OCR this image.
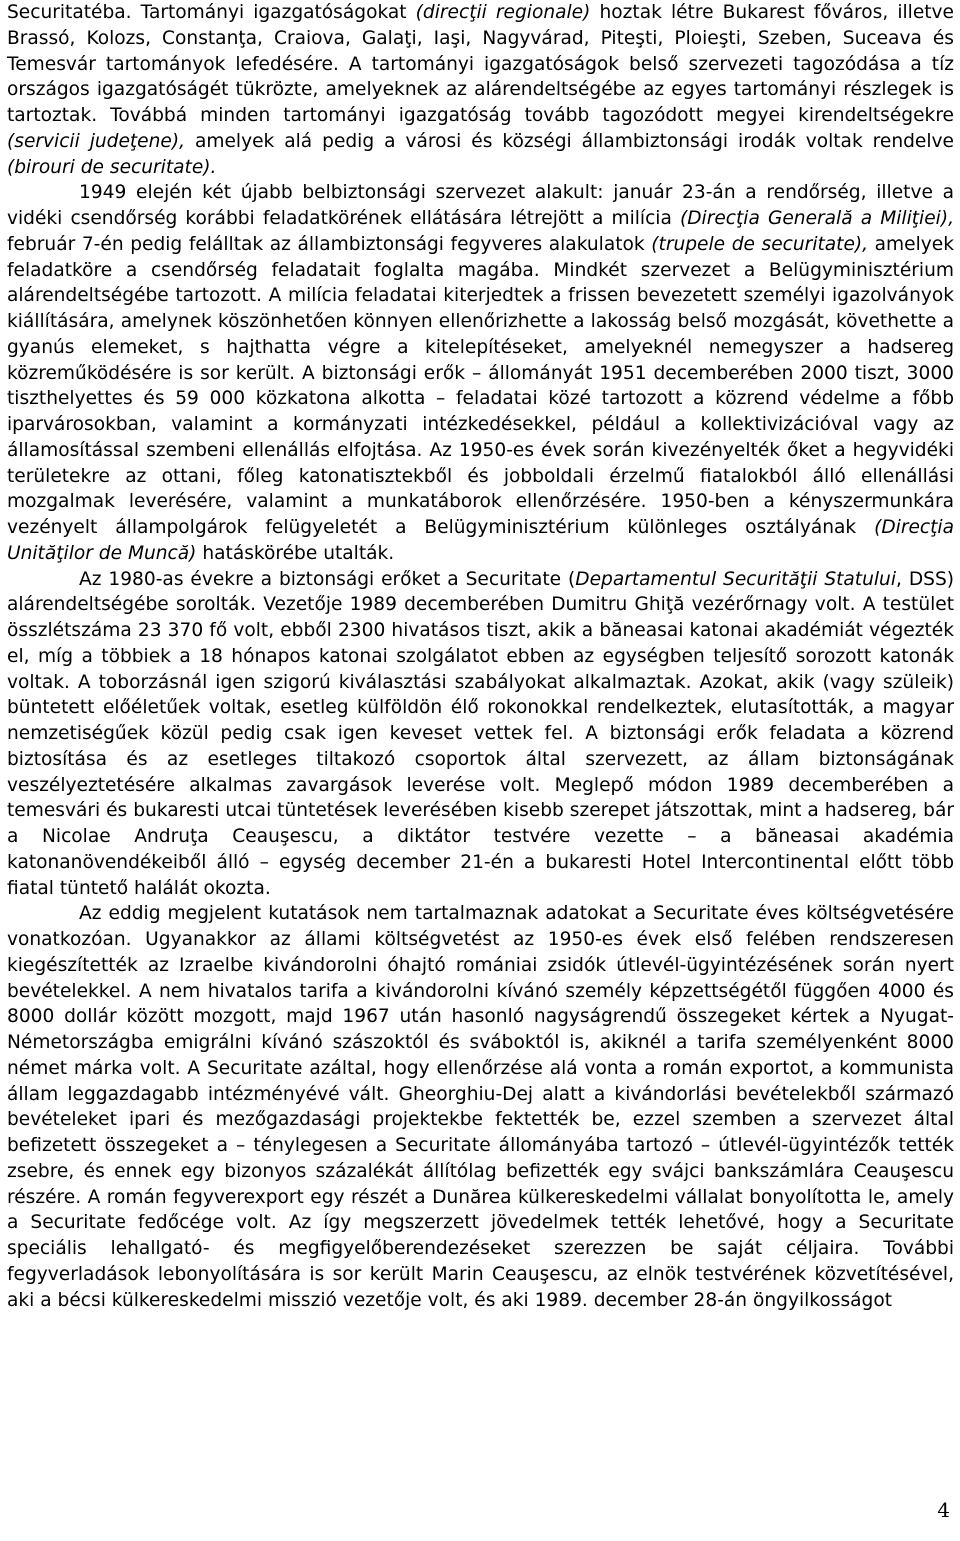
Securitatéba. Tartományi igazgatóságokat (direcţii regionale) hoztak létre Bukarest főváros, illetve Brassó, Kolozs, Constanţa, Craiova, Galaţi, Iaşi, Nagyvárad, Piteşti, Ploieşti, Szeben, Suceava és Temesvár tartományok lefedésére. A tartományi igazgatóságok belső szervezeti tagozódása a tíz országos igazgatóságét tükrözte, amelyeknek az alárendeltségébe az egyes tartományi részlegek is tartoztak. Továbbá minden tartományi igazgatóság tovább tagozódott megyei kirendeltségekre (servicii judeţene), amelyek alá pedig a városi és községi állambiztonsági irodák voltak rendelve (birouri de securitate).

1949 elején két újabb belbiztonsági szervezet alakult: január 23-án a rendőrség, illetve a vidéki csendőrség korábbi feladatkörének ellátására létrejött a milícia (Direcţia Generală a Miliţiei), február 7-én pedig felálltak az állambiztonsági fegyveres alakulatok (trupele de securitate), amelyek feladatköre a csendőrség feladatait foglalta magába. Mindkét szervezet a Belügyminisztérium alárendeltségébe tartozott. A milícia feladatai kiterjedtek a frissen bevezetett személyi igazolványok kiállítására, amelynek köszönhetően könnyen ellenőrizhette a lakosság belső mozgását, követhette a gyanús elemeket, s hajthatta végre a kitelepítéseket, amelyeknél nemegyszer a hadsereg közreműködésére is sor került. A biztonsági erők – állományát 1951 decemberében 2000 tiszt, 3000 tiszthelyettes és 59 000 közkatona alkotta – feladatai közé tartozott a közrend védelme a főbb iparvárosokban, valamint a kormányzati intézkedésekkel, például a kollektivizációval vagy az államosítással szembeni ellenállás elfojtása. Az 1950-es évek során kivezényelték őket a hegyvidéki területekre az ottani, főleg katonatisztekből és jobboldali érzelmű fiatalokból álló ellenállási mozgalmak leverésére, valamint a munkatáborok ellenőrzésére. 1950-ben a kényszermunkára vezényelt állampolgárok felügyeletét a Belügyminisztérium különleges osztályának (Direcţia Unităţilor de Muncă) hatáskörébe utalták.

Az 1980-as évekre a biztonsági erőket a Securitate (Departamentul Securităţii Statului, DSS) alárendeltségébe sorolták. Vezetője 1989 decemberében Dumitru Ghiţă vezérőrnagy volt. A testület összlétszáma 23 370 fő volt, ebből 2300 hivatásos tiszt, akik a băneasai katonai akadémiát végezték el, míg a többiek a 18 hónapos katonai szolgálatot ebben az egységben teljesítő sorozott katonák voltak. A toborzásnál igen szigorú kiválasztási szabályokat alkalmaztak. Azokat, akik (vagy szüleik) büntetett előéletűek voltak, esetleg külföldön élő rokonokkal rendelkeztek, elutasították, a magyar nemzetiségűek közül pedig csak igen keveset vettek fel. A biztonsági erők feladata a közrend biztosítása és az esetleges tiltakozó csoportok által szervezett, az állam biztonságának veszélyeztetésére alkalmas zavargások leverése volt. Meglepő módon 1989 decemberében a temesvári és bukaresti utcai tüntetések leverésében kisebb szerepet játszottak, mint a hadsereg, bár a Nicolae Andruţa Ceauşescu, a diktátor testvére vezette – a băneasai akadémia katonanövendékeiből álló – egység december 21-én a bukaresti Hotel Intercontinental előtt több fiatal tüntető halálát okozta.

Az eddig megjelent kutatások nem tartalmaznak adatokat a Securitate éves költségvetésére vonatkozóan. Ugyanakkor az állami költségvetést az 1950-es évek első felében rendszeresen kiegészítették az Izraelbe kivándorolni óhajtó romániai zsidók útlevél-ügyintézésének során nyert bevételekkel. A nem hivatalos tarifa a kivándorolni kívánó személy képzettségétől függően 4000 és 8000 dollár között mozgott, majd 1967 után hasonló nagyságrendű összegeket kértek a Nyugat-Németországba emigrálni kívánó szászoktól és sváboktól is, akiknél a tarifa személyenként 8000 német márka volt. A Securitate azáltal, hogy ellenőrzése alá vonta a román exportot, a kommunista állam leggazdagabb intézményévé vált. Gheorghiu-Dej alatt a kivándorlási bevételekből származó bevételeket ipari és mezőgazdasági projektekbe fektették be, ezzel szemben a szervezet által befizetett összegeket a – ténylegesen a Securitate állományába tartozó – útlevél-ügyintézők tették zsebre, és ennek egy bizonyos százalékát állítólag befizették egy svájci bankszámlára Ceauşescu részére. A román fegyverexport egy részét a Dunărea külkereskedelmi vállalat bonyolította le, amely a Securitate fedőcége volt. Az így megszerzett jövedelmek tették lehetővé, hogy a Securitate speciális lehallgató- és megfigyelőberendezéseket szerezzen be saját céljaira. További fegyverladások lebonyolítására is sor került Marin Ceauşescu, az elnök testvérének közvetítésével, aki a bécsi külkereskedelmi misszió vezetője volt, és aki 1989. december 28-án öngyilkosságot

4
